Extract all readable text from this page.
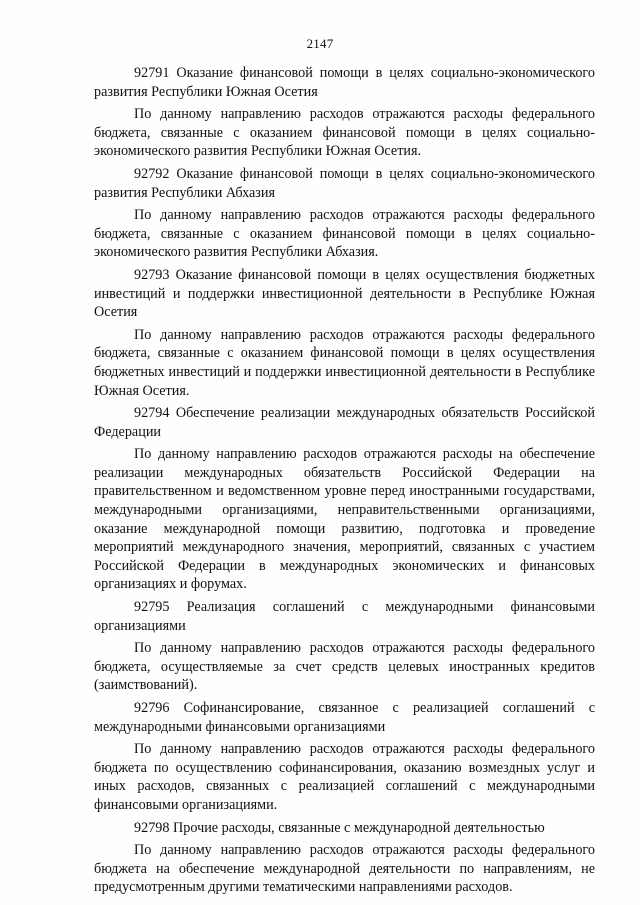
2147

92791 Оказание финансовой помощи в целях социально-экономического развития Республики Южная Осетия

По данному направлению расходов отражаются расходы федерального бюджета, связанные с оказанием финансовой помощи в целях социально-экономического развития Республики Южная Осетия.

92792 Оказание финансовой помощи в целях социально-экономического развития Республики Абхазия

По данному направлению расходов отражаются расходы федерального бюджета, связанные с оказанием финансовой помощи в целях социально-экономического развития Республики Абхазия.

92793 Оказание финансовой помощи в целях осуществления бюджетных инвестиций и поддержки инвестиционной деятельности в Республике Южная Осетия

По данному направлению расходов отражаются расходы федерального бюджета, связанные с оказанием финансовой помощи в целях осуществления бюджетных инвестиций и поддержки инвестиционной деятельности в Республике Южная Осетия.

92794 Обеспечение реализации международных обязательств Российской Федерации

По данному направлению расходов отражаются расходы на обеспечение реализации международных обязательств Российской Федерации на правительственном и ведомственном уровне перед иностранными государствами, международными организациями, неправительственными организациями, оказание международной помощи развитию, подготовка и проведение мероприятий международного значения, мероприятий, связанных с участием Российской Федерации в международных экономических и финансовых организациях и форумах.

92795 Реализация соглашений с международными финансовыми организациями

По данному направлению расходов отражаются расходы федерального бюджета, осуществляемые за счет средств целевых иностранных кредитов (заимствований).

92796 Софинансирование, связанное с реализацией соглашений с международными финансовыми организациями

По данному направлению расходов отражаются расходы федерального бюджета по осуществлению софинансирования, оказанию возмездных услуг и иных расходов, связанных с реализацией соглашений с международными финансовыми организациями.

92798 Прочие расходы, связанные с международной деятельностью

По данному направлению расходов отражаются расходы федерального бюджета на обеспечение международной деятельности по направлениям, не предусмотренным другими тематическими направлениями расходов.
